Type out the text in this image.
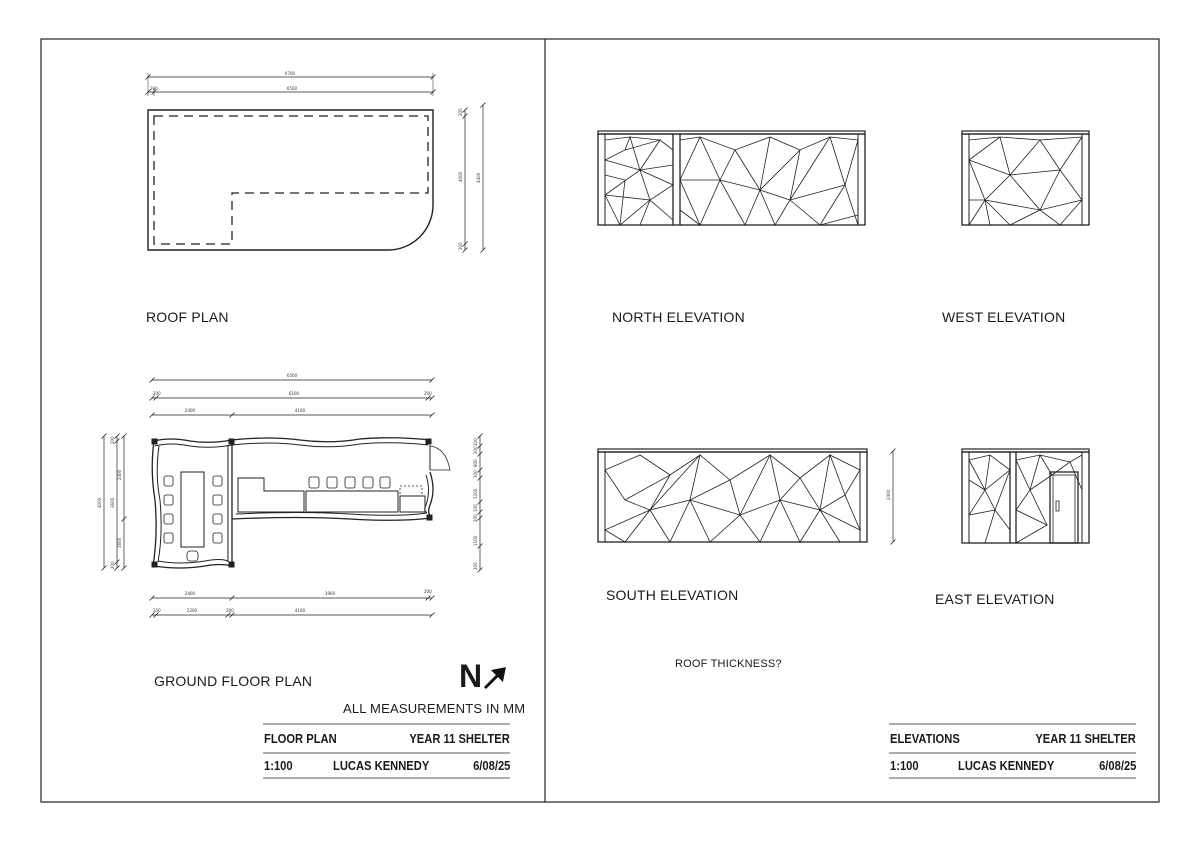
6700
6500
200
200
4000
200
4400
6500
6100
200	200
2400	4100
4000
200
3600
200
2400
1600
100
200
800
100
1200
100
200
1100
200
2400	3900	200
200	2200	200	4100
2400
ROOF PLAN
GROUND FLOOR PLAN
NORTH ELEVATION	WEST ELEVATION
SOUTH ELEVATION	EAST ELEVATION
ROOF THICKNESS?
ALL MEASUREMENTS IN MM
N
FLOOR PLAN	YEAR 11 SHELTER
1:100	LUCAS KENNEDY	6/08/25
ELEVATIONS	YEAR 11 SHELTER
1:100	LUCAS KENNEDY	6/08/25
